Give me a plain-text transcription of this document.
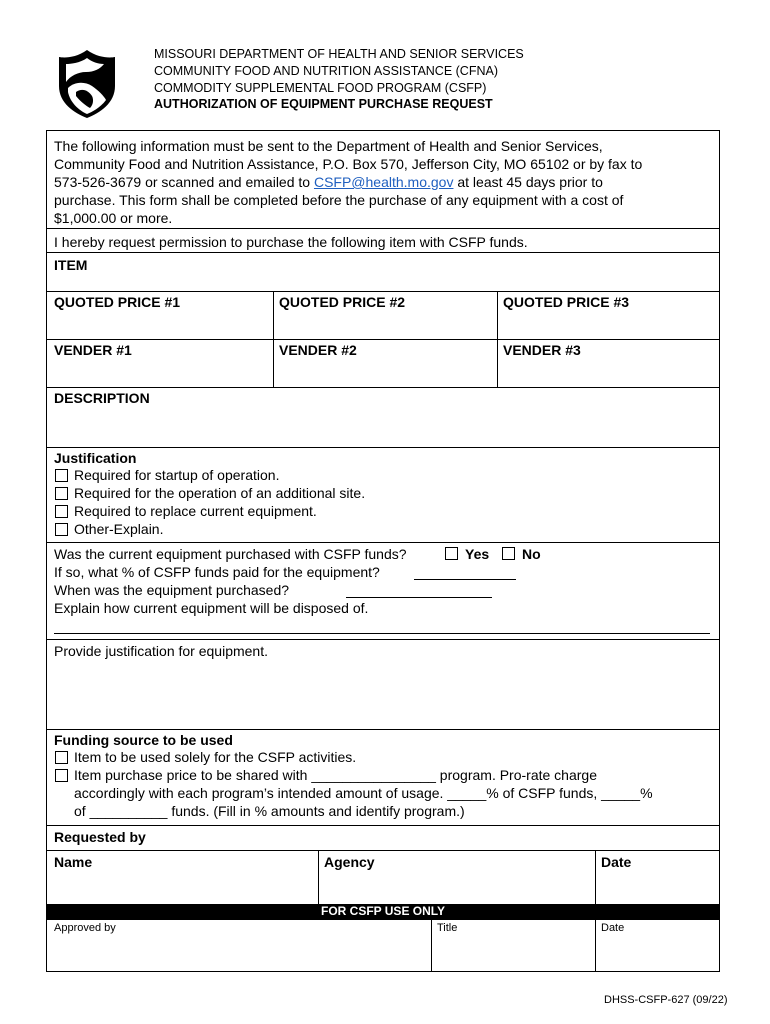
MISSOURI DEPARTMENT OF HEALTH AND SENIOR SERVICES
COMMUNITY FOOD AND NUTRITION ASSISTANCE (CFNA)
COMMODITY SUPPLEMENTAL FOOD PROGRAM (CSFP)
AUTHORIZATION OF EQUIPMENT PURCHASE REQUEST
The following information must be sent to the Department of Health and Senior Services,
Community Food and Nutrition Assistance, P.O. Box 570, Jefferson City, MO 65102 or by fax to
573-526-3679 or scanned and emailed to CSFP@health.mo.gov at least 45 days prior to
purchase. This form shall be completed before the purchase of any equipment with a cost of
$1,000.00 or more.
I hereby request permission to purchase the following item with CSFP funds.
ITEM
QUOTED PRICE #1	QUOTED PRICE #2	QUOTED PRICE #3
VENDER #1	VENDER #2	VENDER #3
DESCRIPTION
Justification
Required for startup of operation.
Required for the operation of an additional site.
Required to replace current equipment.
Other-Explain.
Was the current equipment purchased with CSFP funds?	Yes No
If so, what % of CSFP funds paid for the equipment?
When was the equipment purchased?
Explain how current equipment will be disposed of.
Provide justification for equipment.
Funding source to be used
Item to be used solely for the CSFP activities.
Item purchase price to be shared with ________________ program. Pro-rate charge
accordingly with each program’s intended amount of usage. _____% of CSFP funds, _____%
of __________ funds. (Fill in % amounts and identify program.)
Requested by
Name	Agency	Date
FOR CSFP USE ONLY
Approved by	Title	Date
DHSS-CSFP-627 (09/22)
